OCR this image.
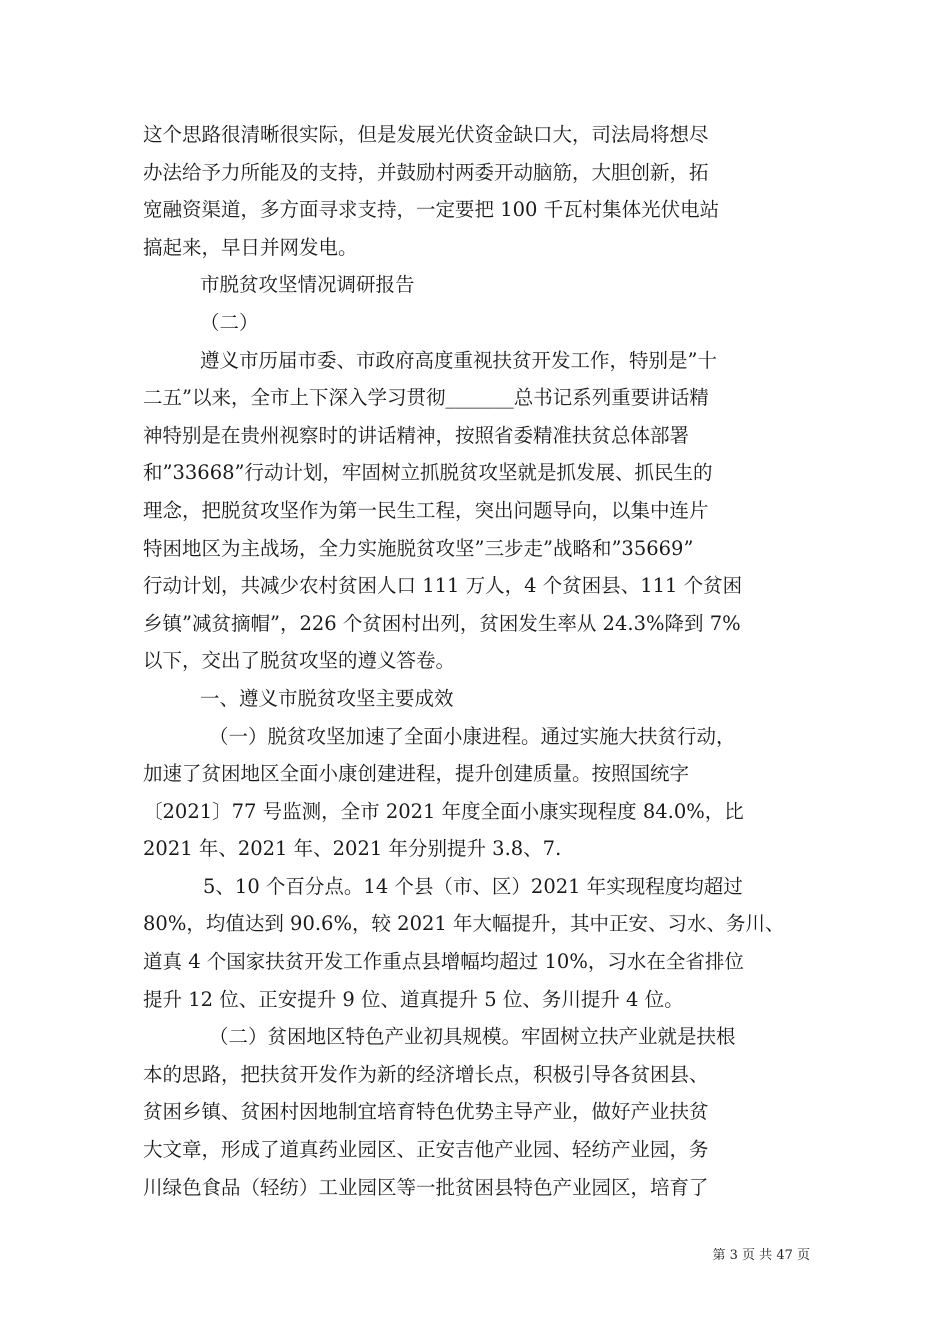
这个思路很清晰很实际，但是发展光伏资金缺口大，司法局将想尽
办法给予力所能及的支持，并鼓励村两委开动脑筋，大胆创新，拓
宽融资渠道，多方面寻求支持，一定要把 100 千瓦村集体光伏电站
搞起来，早日并网发电。
市脱贫攻坚情况调研报告
（二）
遵义市历届市委、市政府高度重视扶贫开发工作，特别是”十
二五”以来，全市上下深入学习贯彻_______总书记系列重要讲话精
神特别是在贵州视察时的讲话精神，按照省委精准扶贫总体部署
和”33668”行动计划，牢固树立抓脱贫攻坚就是抓发展、抓民生的
理念，把脱贫攻坚作为第一民生工程，突出问题导向，以集中连片
特困地区为主战场，全力实施脱贫攻坚”三步走”战略和”35669”
行动计划，共减少农村贫困人口 111 万人，4 个贫困县、111 个贫困
乡镇”减贫摘帽”，226 个贫困村出列，贫困发生率从 24.3%降到 7%
以下，交出了脱贫攻坚的遵义答卷。
一、遵义市脱贫攻坚主要成效
（一）脱贫攻坚加速了全面小康进程。通过实施大扶贫行动，
加速了贫困地区全面小康创建进程，提升创建质量。按照国统字
〔2021〕77 号监测，全市 2021 年度全面小康实现程度 84.0%，比
2021 年、2021 年、2021 年分别提升 3.8、7.
5、10 个百分点。14 个县（市、区）2021 年实现程度均超过
80%，均值达到 90.6%，较 2021 年大幅提升，其中正安、习水、务川、
道真 4 个国家扶贫开发工作重点县增幅均超过 10%，习水在全省排位
提升 12 位、正安提升 9 位、道真提升 5 位、务川提升 4 位。
（二）贫困地区特色产业初具规模。牢固树立扶产业就是扶根
本的思路，把扶贫开发作为新的经济增长点，积极引导各贫困县、
贫困乡镇、贫困村因地制宜培育特色优势主导产业，做好产业扶贫
大文章，形成了道真药业园区、正安吉他产业园、轻纺产业园，务
川绿色食品（轻纺）工业园区等一批贫困县特色产业园区，培育了
第 3 页 共 47 页
